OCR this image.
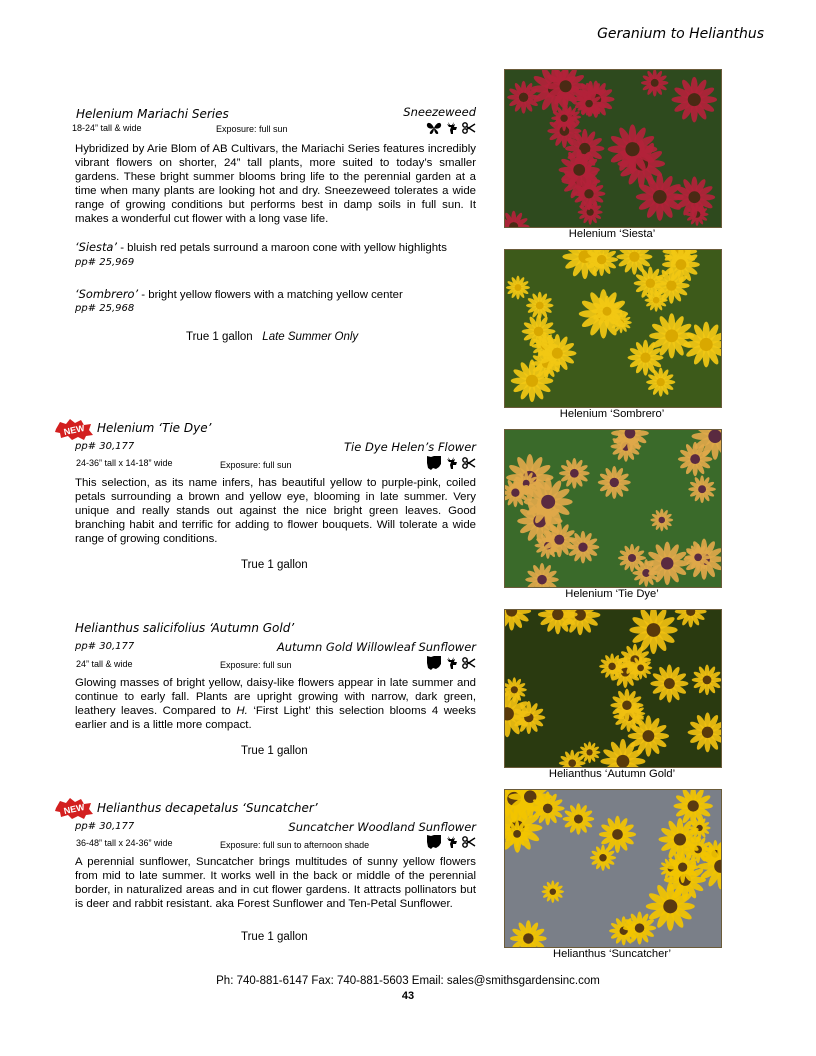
Geranium to Helianthus
Helenium Mariachi Series	Sneezeweed
18-24” tall & wide	Exposure: full sun
Hybridized by Arie Blom of AB Cultivars, the Mariachi Series features incredibly vibrant flowers on shorter, 24” tall plants, more suited to today’s smaller gardens. These bright summer blooms bring life to the perennial garden at a time when many plants are looking hot and dry. Sneezeweed tolerates a wide range of growing conditions but performs best in damp soils in full sun. It makes a wonderful cut flower with a long vase life.
‘Siesta’ - bluish red petals surround a maroon cone with yellow highlights
pp# 25,969
‘Sombrero’ - bright yellow flowers with a matching yellow center
pp# 25,968
True 1 gallon Late Summer Only
NEW Helenium ‘Tie Dye’
pp# 30,177	Tie Dye Helen’s Flower
24-36” tall x 14-18” wide	Exposure: full sun
This selection, as its name infers, has beautiful yellow to purple-pink, coiled petals surrounding a brown and yellow eye, blooming in late summer. Very unique and really stands out against the nice bright green leaves. Good branching habit and terrific for adding to flower bouquets. Will tolerate a wide range of growing conditions.
True 1 gallon
Helianthus salicifolius ‘Autumn Gold’
pp# 30,177	Autumn Gold Willowleaf Sunflower
24” tall & wide	Exposure: full sun
Glowing masses of bright yellow, daisy-like flowers appear in late summer and continue to early fall. Plants are upright growing with narrow, dark green, leathery leaves. Compared to H. ‘First Light’ this selection blooms 4 weeks earlier and is a little more compact.
True 1 gallon
NEW Helianthus decapetalus ‘Suncatcher’
pp# 30,177	Suncatcher Woodland Sunflower
36-48” tall x 24-36” wide	Exposure: full sun to afternoon shade
A perennial sunflower, Suncatcher brings multitudes of sunny yellow flowers from mid to late summer. It works well in the back or middle of the perennial border, in naturalized areas and in cut flower gardens. It attracts pollinators but is deer and rabbit resistant. aka Forest Sunflower and Ten-Petal Sunflower.
True 1 gallon
Helenium ‘Siesta’
Helenium ‘Sombrero’
Helenium ‘Tie Dye’
Helianthus ‘Autumn Gold’
Helianthus ‘Suncatcher’
Ph: 740-881-6147 Fax: 740-881-5603 Email: sales@smithsgardensinc.com
43
